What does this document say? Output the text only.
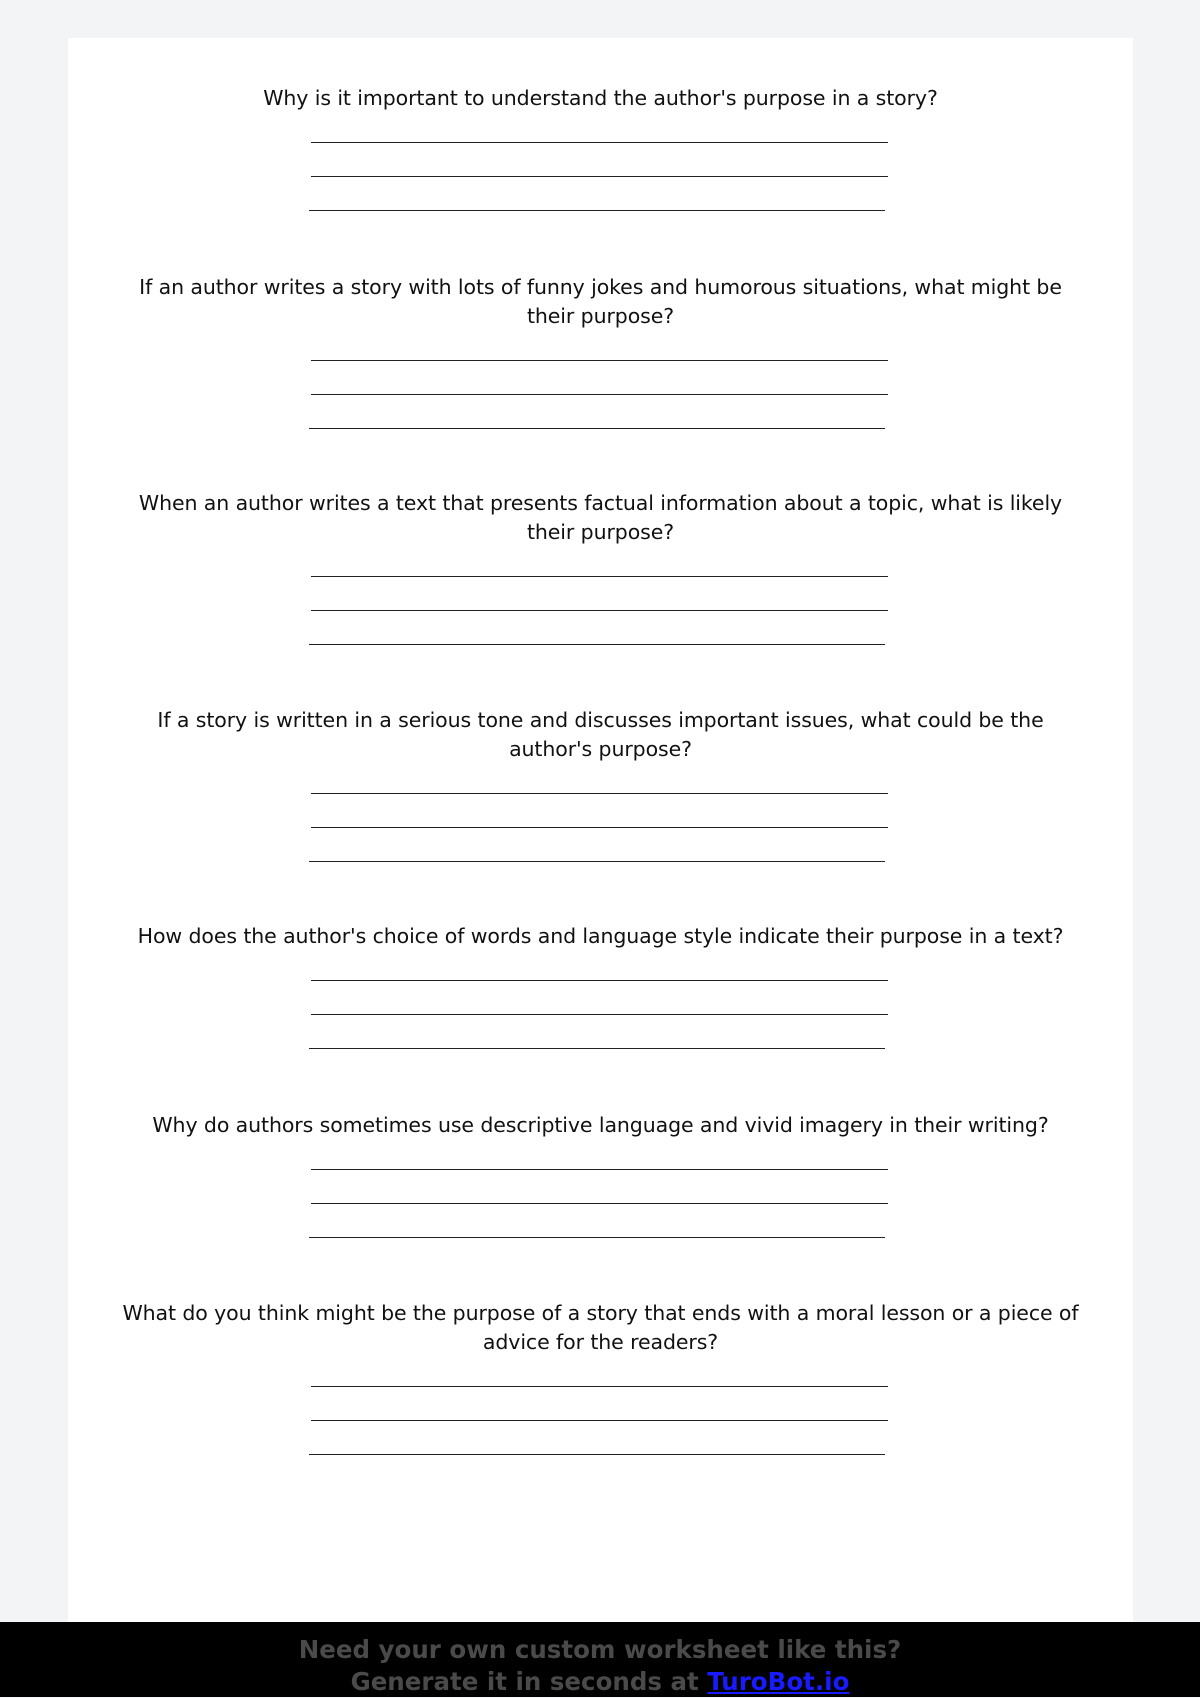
Why is it important to understand the author's purpose in a story?

If an author writes a story with lots of funny jokes and humorous situations, what might be their purpose?

When an author writes a text that presents factual information about a topic, what is likely their purpose?

If a story is written in a serious tone and discusses important issues, what could be the author's purpose?

How does the author's choice of words and language style indicate their purpose in a text?

Why do authors sometimes use descriptive language and vivid imagery in their writing?

What do you think might be the purpose of a story that ends with a moral lesson or a piece of advice for the readers?

Need your own custom worksheet like this?
Generate it in seconds at TuroBot.io
